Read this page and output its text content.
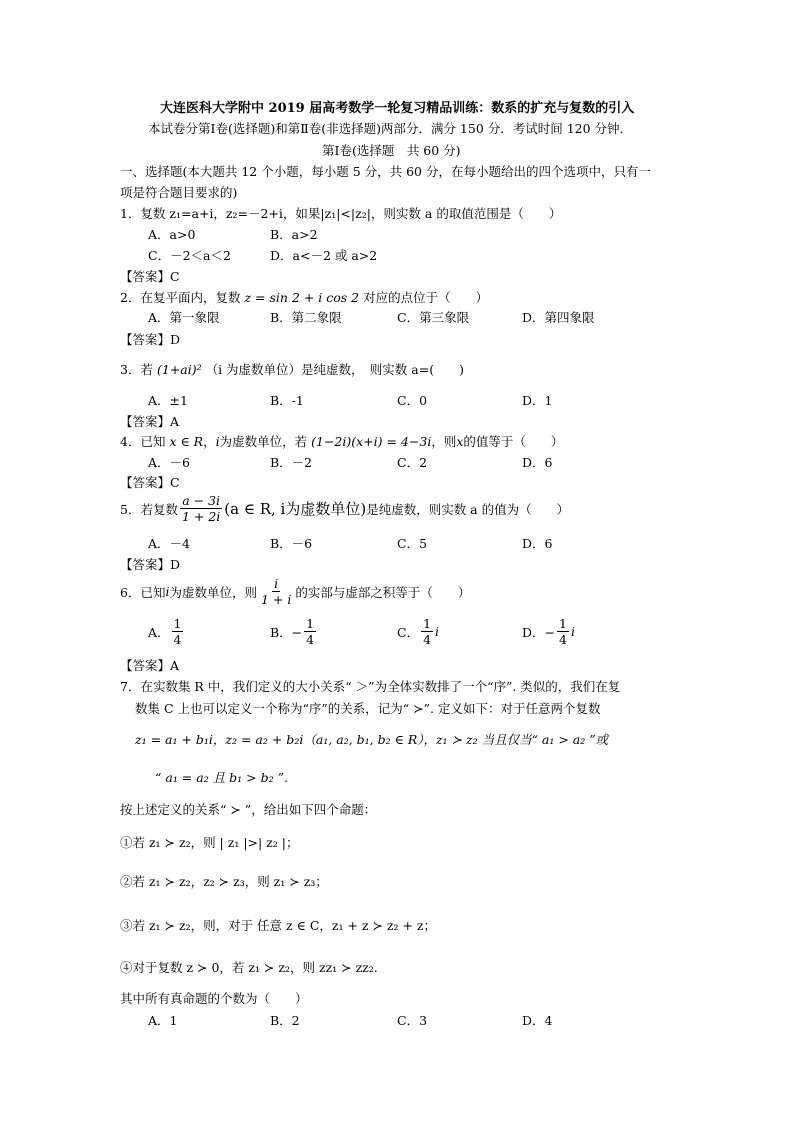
大连医科大学附中 2019 届高考数学一轮复习精品训练：数系的扩充与复数的引入
本试卷分第Ⅰ卷(选择题)和第Ⅱ卷(非选择题)两部分．满分 150 分．考试时间 120 分钟．
第Ⅰ卷(选择题　共 60 分)
一、选择题(本大题共 12 个小题，每小题 5 分，共 60 分，在每小题给出的四个选项中，只有一
项是符合题目要求的)
1．复数 z₁=a+i，z₂=－2+i，如果|z₁|<|z₂|，则实数 a 的取值范围是（　　）
A．a>0	B．a>2
C．－2＜a＜2	D．a<－2 或 a>2
【答案】C
2．在复平面内，复数 z = sin 2 + i cos 2 对应的点位于（　　）
A．第一象限	B．第二象限	C．第三象限	D．第四象限
【答案】D
3．若 (1+ai)² （i 为虚数单位）是纯虚数，　则实数 a=(　　)
A．±1	B．-1	C．0	D．1
【答案】A
4．已知 x ∈ R，i为虚数单位，若 (1−2i)(x+i) = 4−3i，则x的值等于（　　）
A．－6	B．－2	C．2	D．6
【答案】C
5．若复数 $\frac{a - 3i}{1 + 2i} (a$ ∈ R, i为虚数单位) 是纯虚数，则实数 a 的值为（　　）
A．－4	B．－6	C．5	D．6
【答案】D
6．已知 i 为虚数单位，则 $\frac{i}{1 + i}$ 的实部与虚部之积等于（　　）
A． $\frac{1}{4}$	B．− $\frac{1}{4}$	C． $\frac{1}{4}$ i	D．− $\frac{1}{4}$ i
【答案】A
7．在实数集 R 中，我们定义的大小关系“ ＞”为全体实数排了一个“序”. 类似的，我们在复
数集 C 上也可以定义一个称为“序”的关系，记为“ ≻”. 定义如下：对于任意两个复数
z₁ = a₁ + b₁i，z₂ = a₂ + b₂i（a₁, a₂, b₁, b₂ ∈ R），z₁ ≻ z₂ 当且仅当“ a₁ > a₂ ”或
“ a₁ = a₂ 且 b₁ > b₂ ”.
按上述定义的关系“ ≻ ”，给出如下四个命题：
①若 z₁ ≻ z₂，则 | z₁ |>| z₂ |；
②若 z₁ ≻ z₂，z₂ ≻ z₃，则 z₁ ≻ z₃；
③若 z₁ ≻ z₂，则，对于 任意 z ∈ C，z₁ + z ≻ z₂ + z；
④对于复数 z ≻ 0，若 z₁ ≻ z₂，则 zz₁ ≻ zz₂.
其中所有真命题的个数为（　　）
A．1	B．2	C．3	D．4
